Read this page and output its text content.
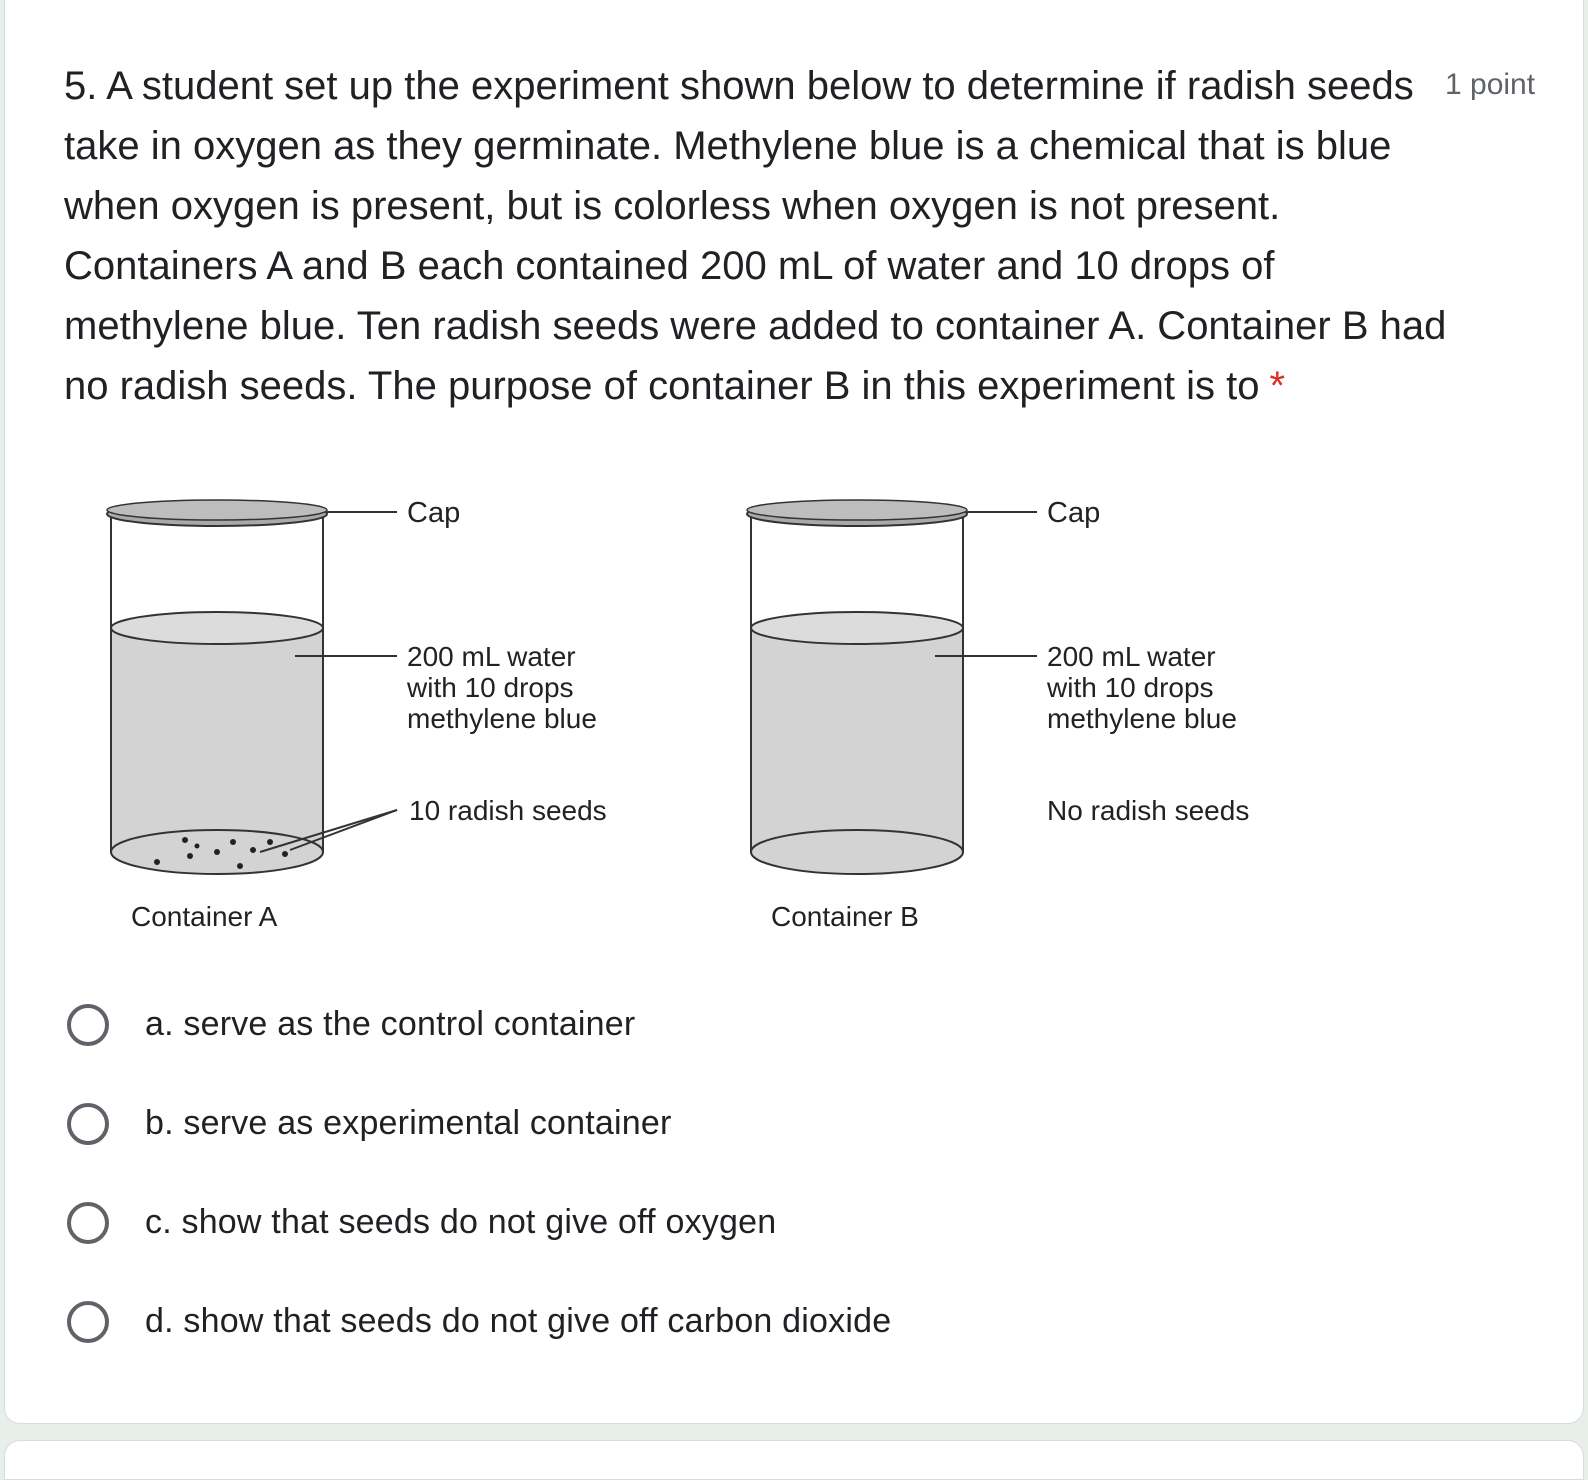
5. A student set up the experiment shown below to determine if radish seeds take in oxygen as they germinate. Methylene blue is a chemical that is blue when oxygen is present, but is colorless when oxygen is not present. Containers A and B each contained 200 mL of water and 10 drops of methylene blue. Ten radish seeds were added to container A. Container B had no radish seeds. The purpose of container B in this experiment is to *

1 point
Cap
200 mL water with 10 drops methylene blue
10 radish seeds
Container A
Cap
200 mL water with 10 drops methylene blue
No radish seeds
Container B
a. serve as the control container
b. serve as experimental container
c. show that seeds do not give off oxygen
d. show that seeds do not give off carbon dioxide
